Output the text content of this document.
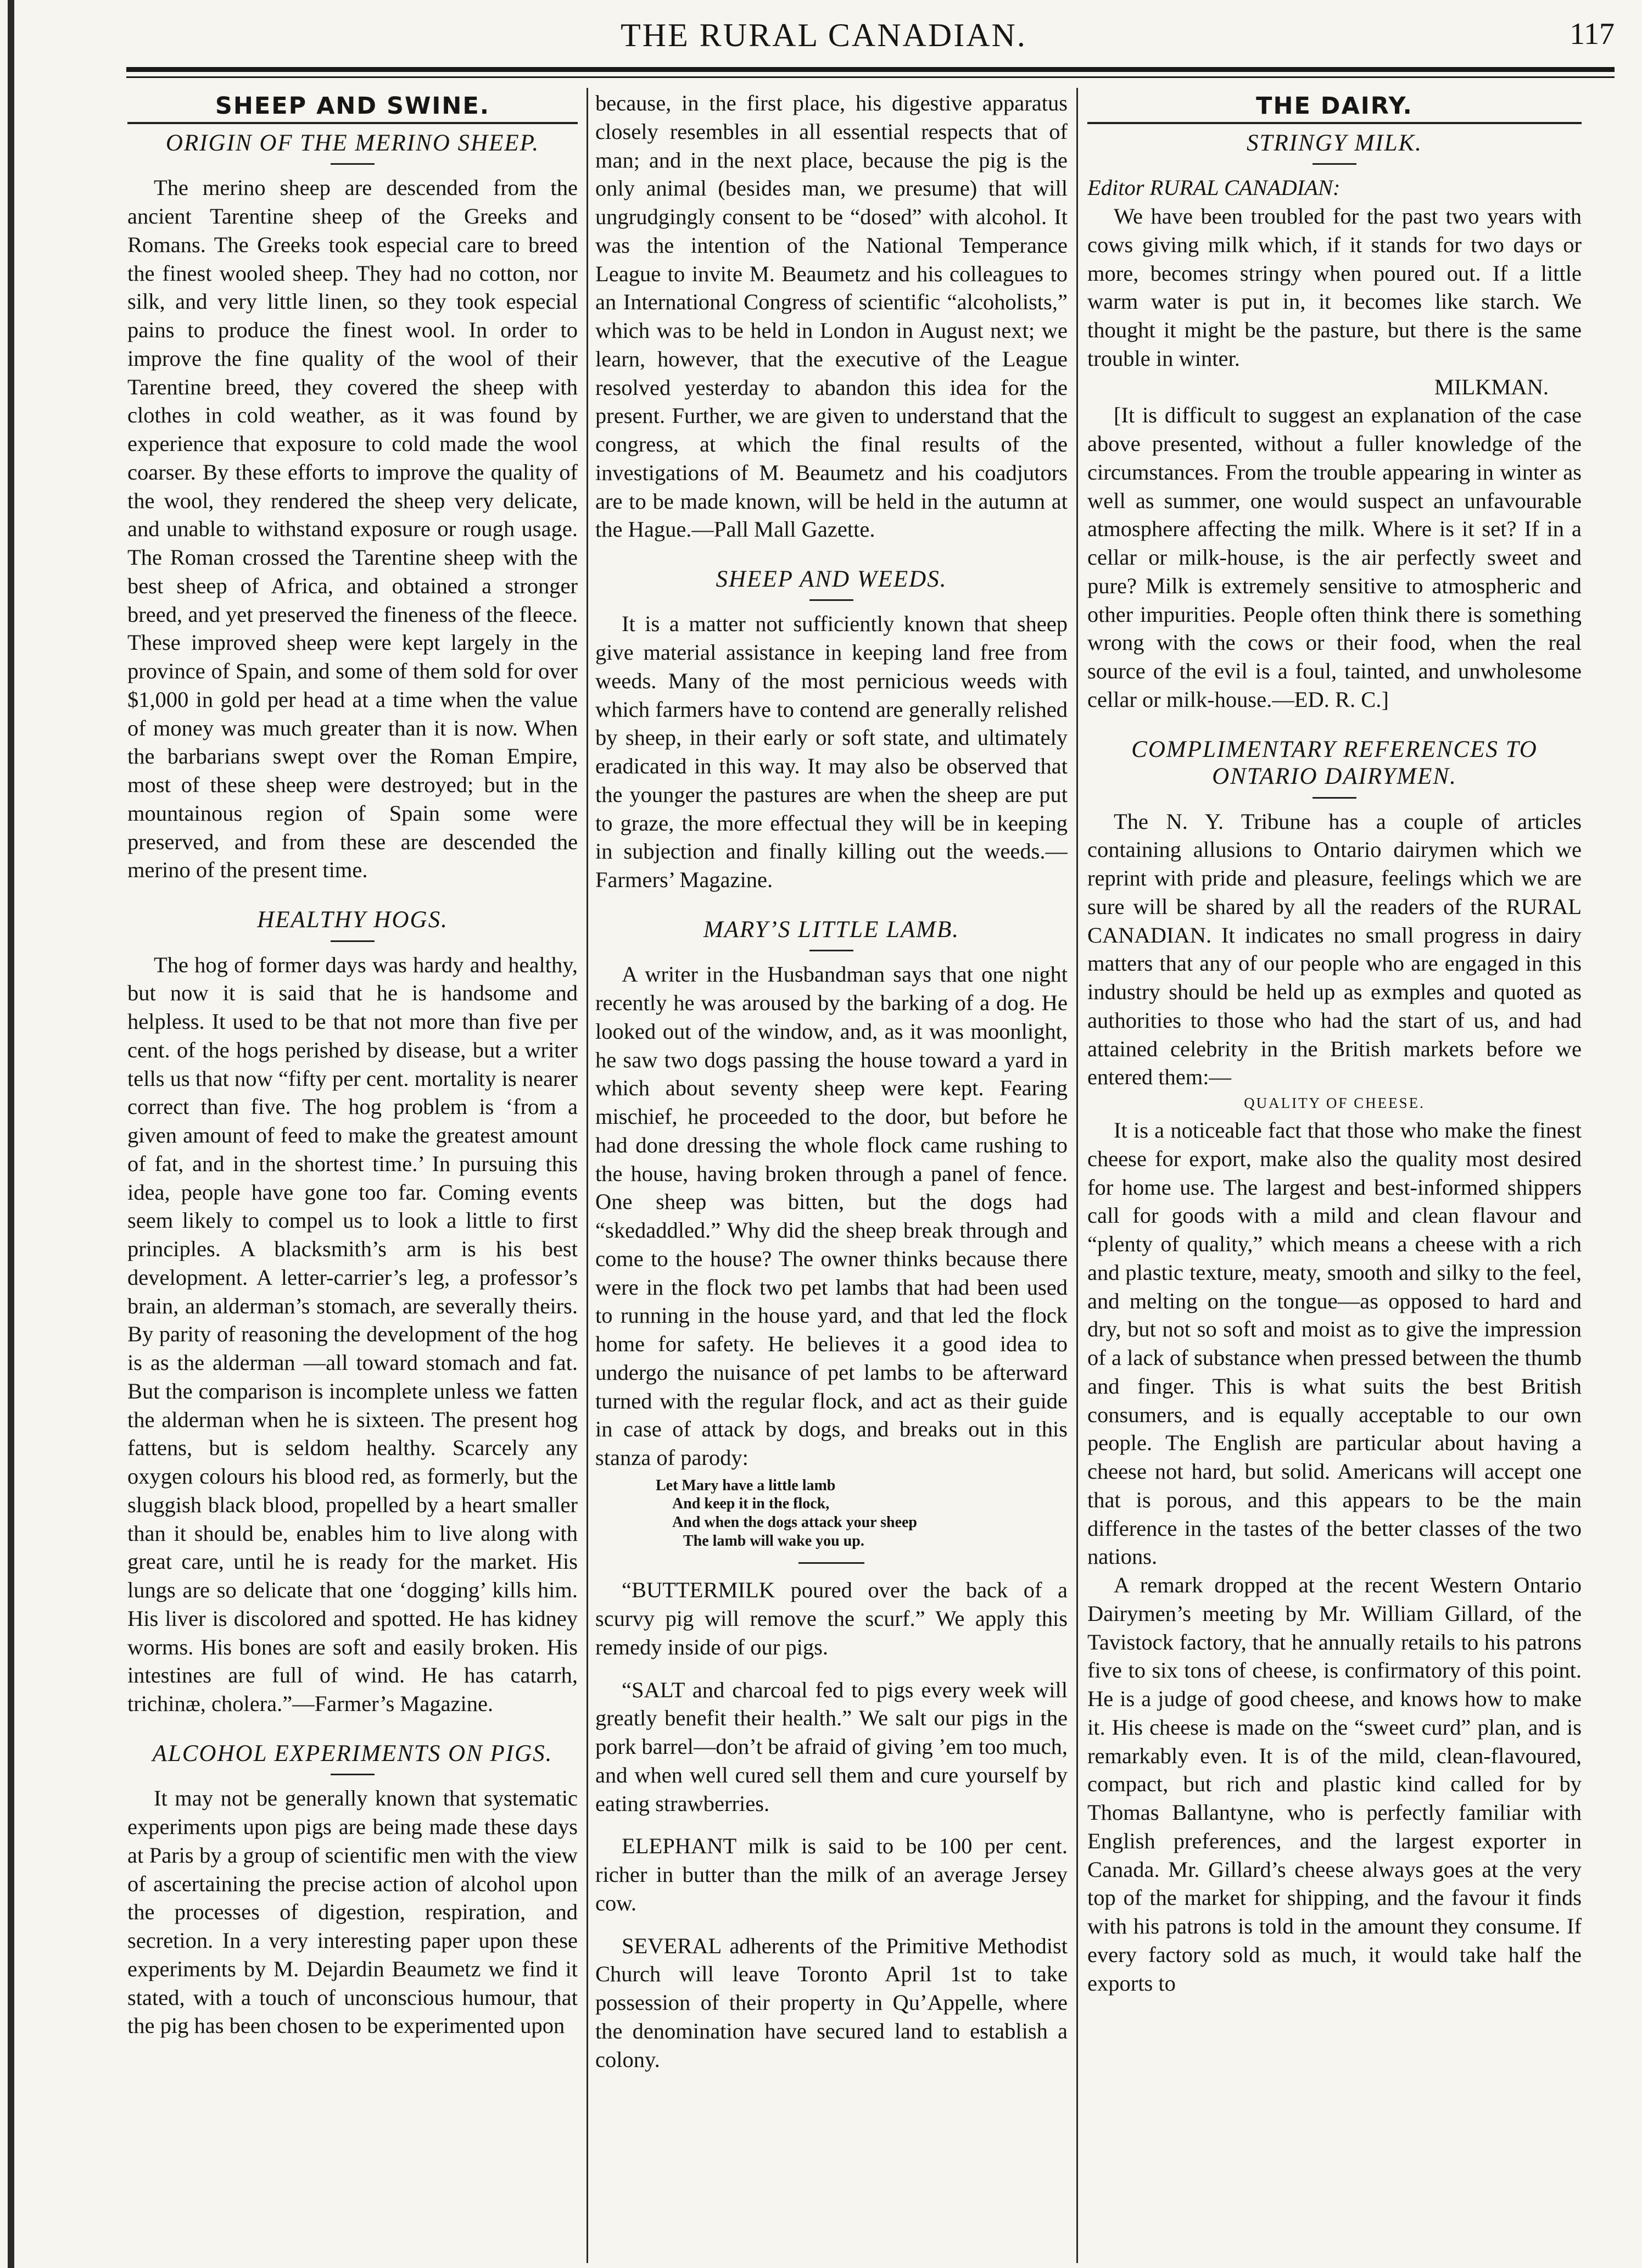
THE RURAL CANADIAN.	117
SHEEP AND SWINE.
ORIGIN OF THE MERINO SHEEP.

The merino sheep are descended from the ancient Tarentine sheep of the Greeks and Romans. The Greeks took especial care to breed the finest wooled sheep. They had no cotton, nor silk, and very little linen, so they took especial pains to produce the finest wool. In order to improve the fine quality of the wool of their Tarentine breed, they covered the sheep with clothes in cold weather, as it was found by experience that exposure to cold made the wool coarser. By these efforts to improve the quality of the wool, they rendered the sheep very delicate, and unable to withstand exposure or rough usage. The Roman crossed the Tarentine sheep with the best sheep of Africa, and obtained a stronger breed, and yet preserved the fineness of the fleece. These improved sheep were kept largely in the province of Spain, and some of them sold for over $1,000 in gold per head at a time when the value of money was much greater than it is now. When the barbarians swept over the Roman Empire, most of these sheep were destroyed; but in the mountainous region of Spain some were preserved, and from these are descended the merino of the present time.

HEALTHY HOGS.

The hog of former days was hardy and healthy, but now it is said that he is handsome and helpless. It used to be that not more than five per cent. of the hogs perished by disease, but a writer tells us that now “fifty per cent. mortality is nearer correct than five. The hog problem is ‘from a given amount of feed to make the greatest amount of fat, and in the shortest time.’ In pursuing this idea, people have gone too far. Coming events seem likely to compel us to look a little to first principles. A blacksmith’s arm is his best development. A letter-carrier’s leg, a professor’s brain, an alderman’s stomach, are severally theirs. By parity of reasoning the development of the hog is as the alderman —all toward stomach and fat. But the comparison is incomplete unless we fatten the alderman when he is sixteen. The present hog fattens, but is seldom healthy. Scarcely any oxygen colours his blood red, as formerly, but the sluggish black blood, propelled by a heart smaller than it should be, enables him to live along with great care, until he is ready for the market. His lungs are so delicate that one ‘dogging’ kills him. His liver is discolored and spotted. He has kidney worms. His bones are soft and easily broken. His intestines are full of wind. He has catarrh, trichinæ, cholera.”—Farmer’s Magazine.

ALCOHOL EXPERIMENTS ON PIGS.

It may not be generally known that systematic experiments upon pigs are being made these days at Paris by a group of scientific men with the view of ascertaining the precise action of alcohol upon the processes of digestion, respiration, and secretion. In a very interesting paper upon these experiments by M. Dejardin Beaumetz we find it stated, with a touch of unconscious humour, that the pig has been chosen to be experimented upon

because, in the first place, his digestive apparatus closely resembles in all essential respects that of man; and in the next place, because the pig is the only animal (besides man, we presume) that will ungrudgingly consent to be “dosed” with alcohol. It was the intention of the National Temperance League to invite M. Beaumetz and his colleagues to an International Congress of scientific “alcoholists,” which was to be held in London in August next; we learn, however, that the executive of the League resolved yesterday to abandon this idea for the present. Further, we are given to understand that the congress, at which the final results of the investigations of M. Beaumetz and his coadjutors are to be made known, will be held in the autumn at the Hague.—Pall Mall Gazette.

SHEEP AND WEEDS.

It is a matter not sufficiently known that sheep give material assistance in keeping land free from weeds. Many of the most pernicious weeds with which farmers have to contend are generally relished by sheep, in their early or soft state, and ultimately eradicated in this way. It may also be observed that the younger the pastures are when the sheep are put to graze, the more effectual they will be in keeping in subjection and finally killing out the weeds.—Farmers’ Magazine.

MARY’S LITTLE LAMB.

A writer in the Husbandman says that one night recently he was aroused by the barking of a dog. He looked out of the window, and, as it was moonlight, he saw two dogs passing the house toward a yard in which about seventy sheep were kept. Fearing mischief, he proceeded to the door, but before he had done dressing the whole flock came rushing to the house, having broken through a panel of fence. One sheep was bitten, but the dogs had “skedaddled.” Why did the sheep break through and come to the house? The owner thinks because there were in the flock two pet lambs that had been used to running in the house yard, and that led the flock home for safety. He believes it a good idea to undergo the nuisance of pet lambs to be afterward turned with the regular flock, and act as their guide in case of attack by dogs, and breaks out in this stanza of parody:

Let Mary have a little lamb
And keep it in the flock,
And when the dogs attack your sheep
The lamb will wake you up.

“BUTTERMILK poured over the back of a scurvy pig will remove the scurf.” We apply this remedy inside of our pigs.

“SALT and charcoal fed to pigs every week will greatly benefit their health.” We salt our pigs in the pork barrel—don’t be afraid of giving ’em too much, and when well cured sell them and cure yourself by eating strawberries.

ELEPHANT milk is said to be 100 per cent. richer in butter than the milk of an average Jersey cow.

SEVERAL adherents of the Primitive Methodist Church will leave Toronto April 1st to take possession of their property in Qu’Appelle, where the denomination have secured land to establish a colony.

THE DAIRY.
STRINGY MILK.

Editor RURAL CANADIAN:

We have been troubled for the past two years with cows giving milk which, if it stands for two days or more, becomes stringy when poured out. If a little warm water is put in, it becomes like starch. We thought it might be the pasture, but there is the same trouble in winter.

MILKMAN.

[It is difficult to suggest an explanation of the case above presented, without a fuller knowledge of the circumstances. From the trouble appearing in winter as well as summer, one would suspect an unfavourable atmosphere affecting the milk. Where is it set? If in a cellar or milk-house, is the air perfectly sweet and pure? Milk is extremely sensitive to atmospheric and other impurities. People often think there is something wrong with the cows or their food, when the real source of the evil is a foul, tainted, and unwholesome cellar or milk-house.—ED. R. C.]

COMPLIMENTARY REFERENCES TO ONTARIO DAIRYMEN.

The N. Y. Tribune has a couple of articles containing allusions to Ontario dairymen which we reprint with pride and pleasure, feelings which we are sure will be shared by all the readers of the RURAL CANADIAN. It indicates no small progress in dairy matters that any of our people who are engaged in this industry should be held up as exmples and quoted as authorities to those who had the start of us, and had attained celebrity in the British markets before we entered them:—

QUALITY OF CHEESE.

It is a noticeable fact that those who make the finest cheese for export, make also the quality most desired for home use. The largest and best-informed shippers call for goods with a mild and clean flavour and “plenty of quality,” which means a cheese with a rich and plastic texture, meaty, smooth and silky to the feel, and melting on the tongue—as opposed to hard and dry, but not so soft and moist as to give the impression of a lack of substance when pressed between the thumb and finger. This is what suits the best British consumers, and is equally acceptable to our own people. The English are particular about having a cheese not hard, but solid. Americans will accept one that is porous, and this appears to be the main difference in the tastes of the better classes of the two nations.

A remark dropped at the recent Western Ontario Dairymen’s meeting by Mr. William Gillard, of the Tavistock factory, that he annually retails to his patrons five to six tons of cheese, is confirmatory of this point. He is a judge of good cheese, and knows how to make it. His cheese is made on the “sweet curd” plan, and is remarkably even. It is of the mild, clean-flavoured, compact, but rich and plastic kind called for by Thomas Ballantyne, who is perfectly familiar with English preferences, and the largest exporter in Canada. Mr. Gillard’s cheese always goes at the very top of the market for shipping, and the favour it finds with his patrons is told in the amount they consume. If every factory sold as much, it would take half the exports to
